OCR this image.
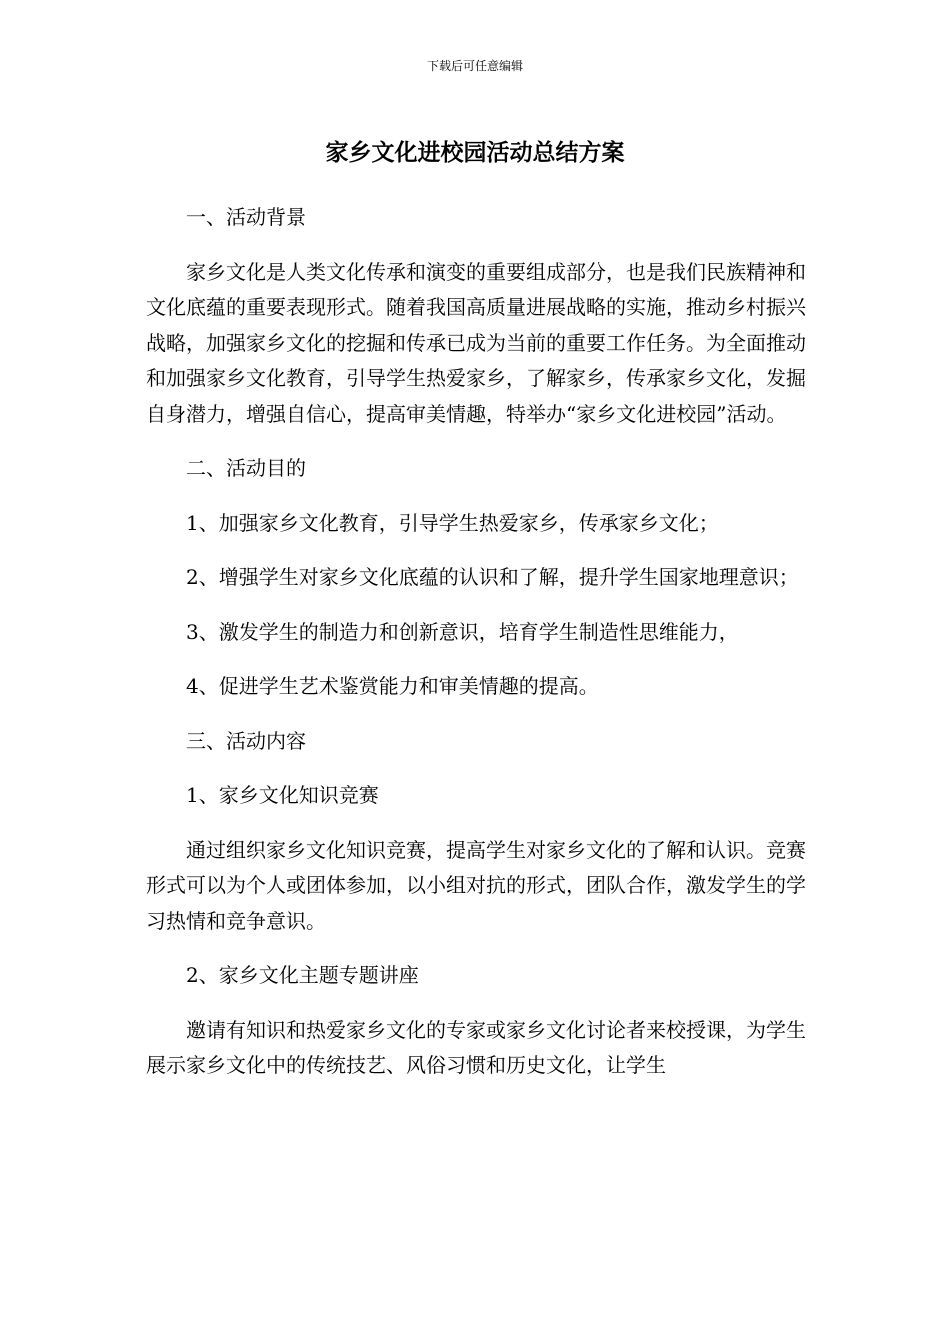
下载后可任意编辑
家乡文化进校园活动总结方案

一、活动背景

家乡文化是人类文化传承和演变的重要组成部分，也是我们民族精神和文化底蕴的重要表现形式。随着我国高质量进展战略的实施，推动乡村振兴战略，加强家乡文化的挖掘和传承已成为当前的重要工作任务。为全面推动和加强家乡文化教育，引导学生热爱家乡，了解家乡，传承家乡文化，发掘自身潜力，增强自信心，提高审美情趣，特举办“家乡文化进校园”活动。

二、活动目的

1、加强家乡文化教育，引导学生热爱家乡，传承家乡文化；

2、增强学生对家乡文化底蕴的认识和了解，提升学生国家地理意识；

3、激发学生的制造力和创新意识，培育学生制造性思维能力，

4、促进学生艺术鉴赏能力和审美情趣的提高。

三、活动内容

1、家乡文化知识竞赛

通过组织家乡文化知识竞赛，提高学生对家乡文化的了解和认识。竞赛形式可以为个人或团体参加，以小组对抗的形式，团队合作，激发学生的学习热情和竞争意识。

2、家乡文化主题专题讲座

邀请有知识和热爱家乡文化的专家或家乡文化讨论者来校授课，为学生展示家乡文化中的传统技艺、风俗习惯和历史文化，让学生
